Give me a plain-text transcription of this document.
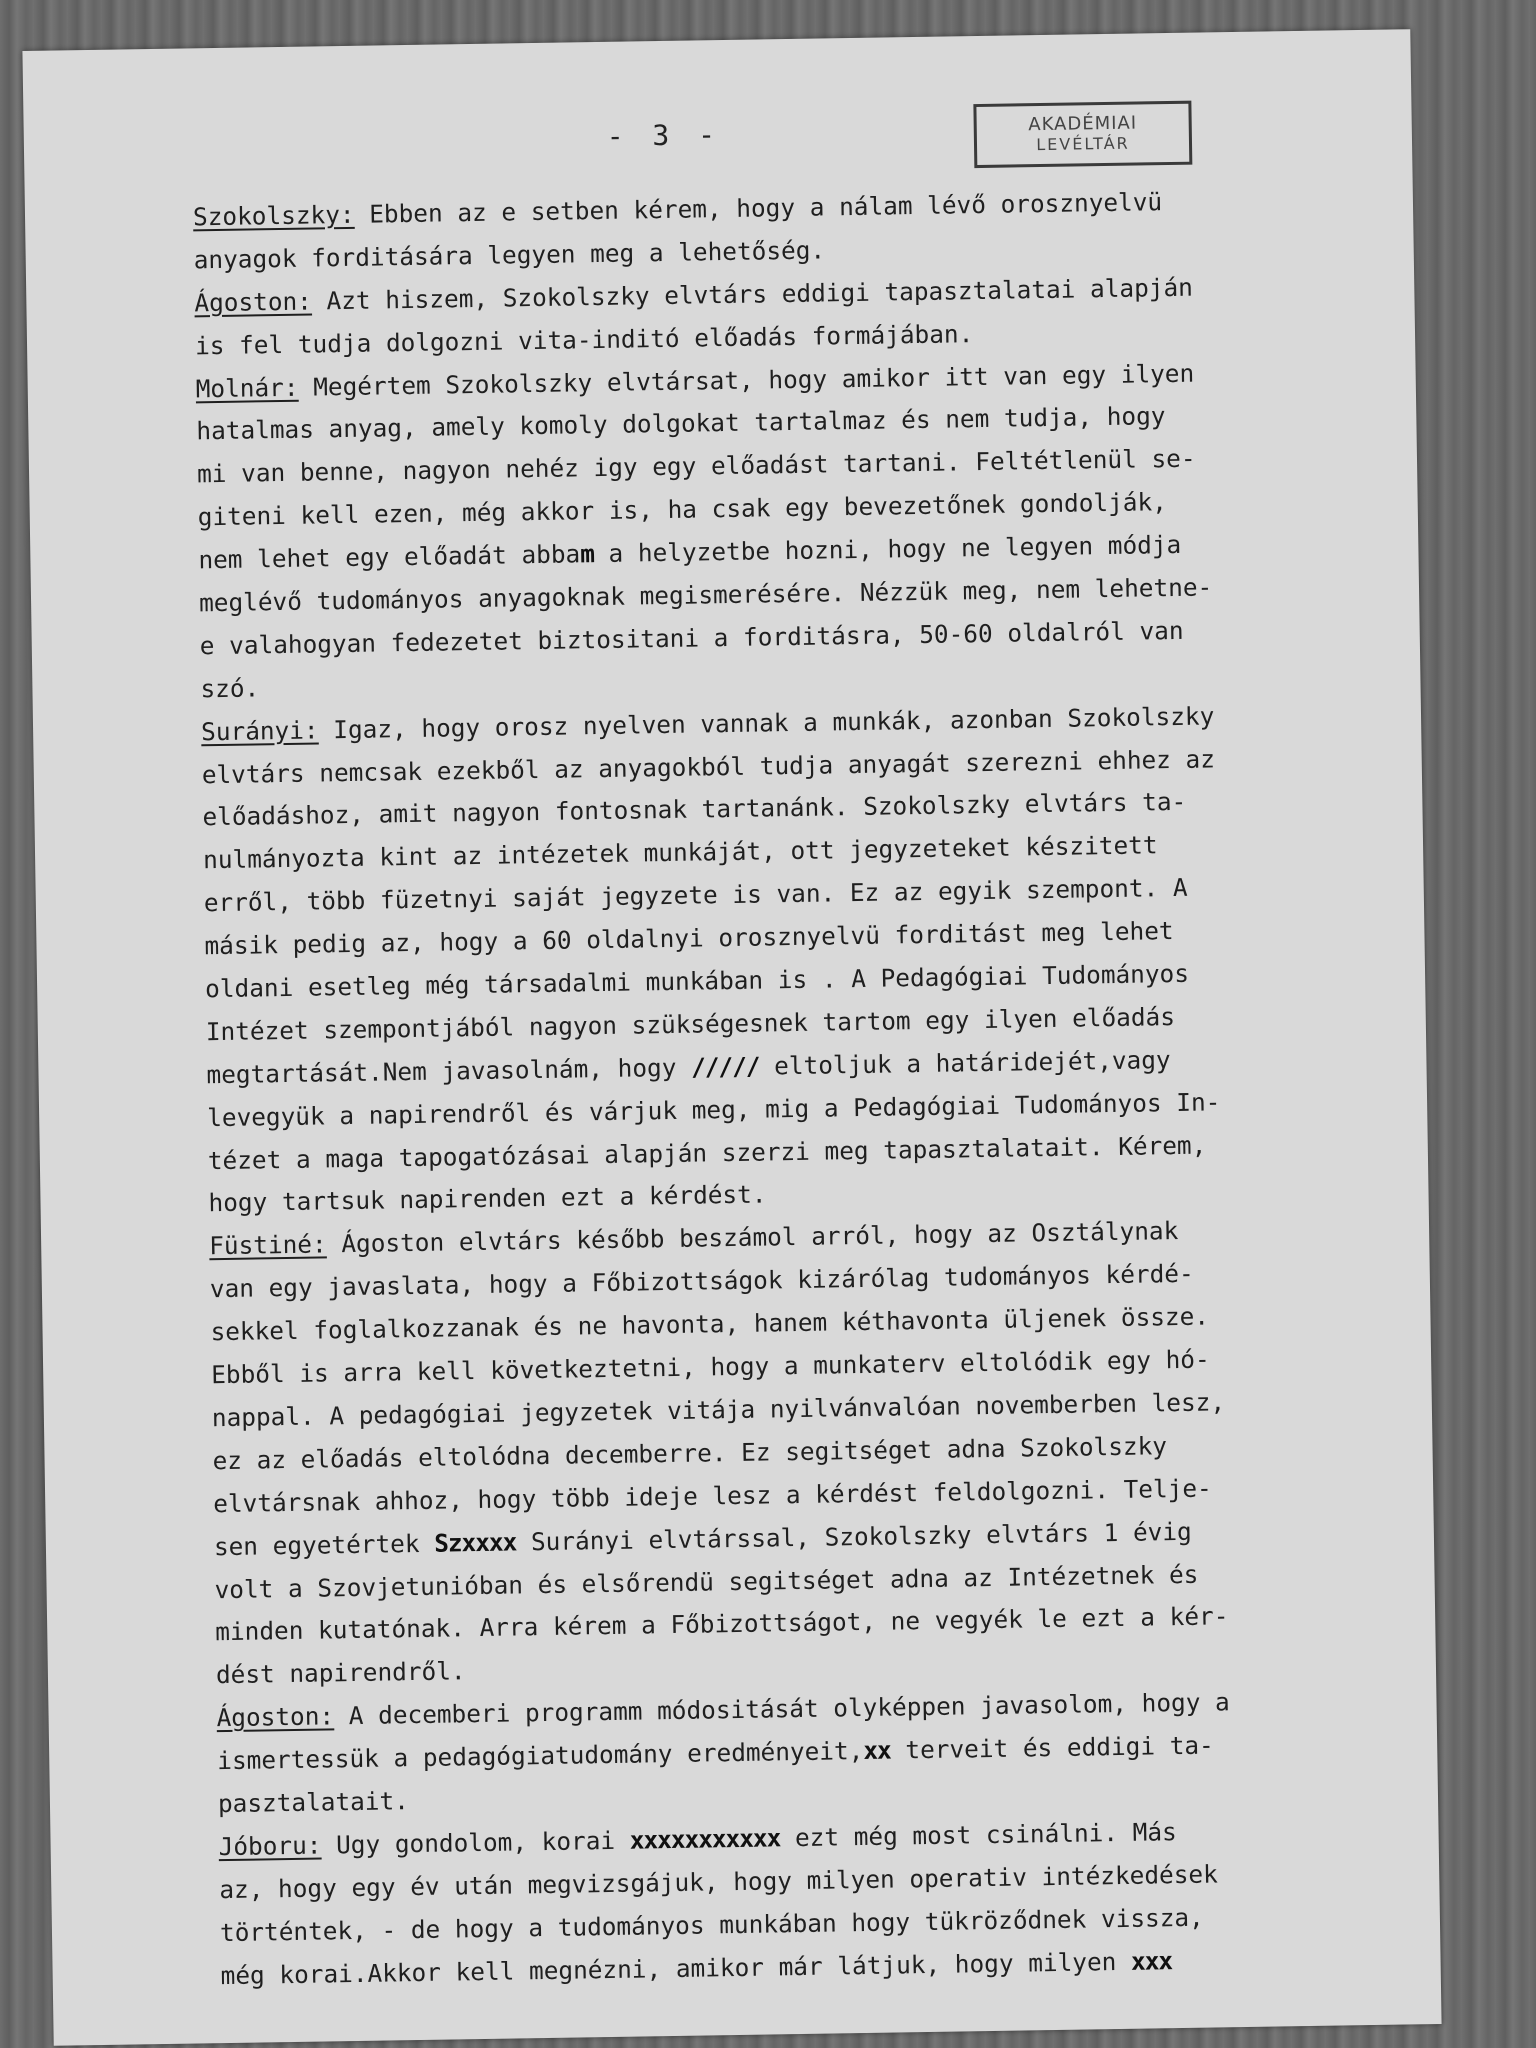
- 3 -	AKADÉMIAI
LEVÉLTÁR
Szokolszky: Ebben az e setben kérem, hogy a nálam lévő orosznyelvü
anyagok forditására legyen meg a lehetőség.
Ágoston: Azt hiszem, Szokolszky elvtárs eddigi tapasztalatai alapján
is fel tudja dolgozni vita-inditó előadás formájában.
Molnár: Megértem Szokolszky elvtársat, hogy amikor itt van egy ilyen
hatalmas anyag, amely komoly dolgokat tartalmaz és nem tudja, hogy
mi van benne, nagyon nehéz igy egy előadást tartani. Feltétlenül se-
giteni kell ezen, még akkor is, ha csak egy bevezetőnek gondolják,
nem lehet egy előadát abbam a helyzetbe hozni, hogy ne legyen módja
meglévő tudományos anyagoknak megismerésére. Nézzük meg, nem lehetne-
e valahogyan fedezetet biztositani a forditásra, 50-60 oldalról van
szó.
Surányi: Igaz, hogy orosz nyelven vannak a munkák, azonban Szokolszky
elvtárs nemcsak ezekből az anyagokból tudja anyagát szerezni ehhez az
előadáshoz, amit nagyon fontosnak tartanánk. Szokolszky elvtárs ta-
nulmányozta kint az intézetek munkáját, ott jegyzeteket készitett
erről, több füzetnyi saját jegyzete is van. Ez az egyik szempont. A
másik pedig az, hogy a 60 oldalnyi orosznyelvü forditást meg lehet
oldani esetleg még társadalmi munkában is . A Pedagógiai Tudományos
Intézet szempontjából nagyon szükségesnek tartom egy ilyen előadás
megtartását.Nem javasolnám, hogy ///// eltoljuk a határidejét,vagy
levegyük a napirendről és várjuk meg, mig a Pedagógiai Tudományos In-
tézet a maga tapogatózásai alapján szerzi meg tapasztalatait. Kérem,
hogy tartsuk napirenden ezt a kérdést.
Füstiné: Ágoston elvtárs később beszámol arról, hogy az Osztálynak
van egy javaslata, hogy a Főbizottságok kizárólag tudományos kérdé-
sekkel foglalkozzanak és ne havonta, hanem kéthavonta üljenek össze.
Ebből is arra kell következtetni, hogy a munkaterv eltolódik egy hó-
nappal. A pedagógiai jegyzetek vitája nyilvánvalóan novemberben lesz,
ez az előadás eltolódna decemberre. Ez segitséget adna Szokolszky
elvtársnak ahhoz, hogy több ideje lesz a kérdést feldolgozni. Telje-
sen egyetértek Szxxxx Surányi elvtárssal, Szokolszky elvtárs 1 évig
volt a Szovjetunióban és elsőrendü segitséget adna az Intézetnek és
minden kutatónak. Arra kérem a Főbizottságot, ne vegyék le ezt a kér-
dést napirendről.
Ágoston: A decemberi programm módositását olyképpen javasolom, hogy a
ismertessük a pedagógiatudomány eredményeit,xx terveit és eddigi ta-
pasztalatait.
Jóboru: Ugy gondolom, korai xxxxxxxxxxx ezt még most csinálni. Más
az, hogy egy év után megvizsgájuk, hogy milyen operativ intézkedések
történtek, - de hogy a tudományos munkában hogy tükröződnek vissza,
még korai.Akkor kell megnézni, amikor már látjuk, hogy milyen xxx
